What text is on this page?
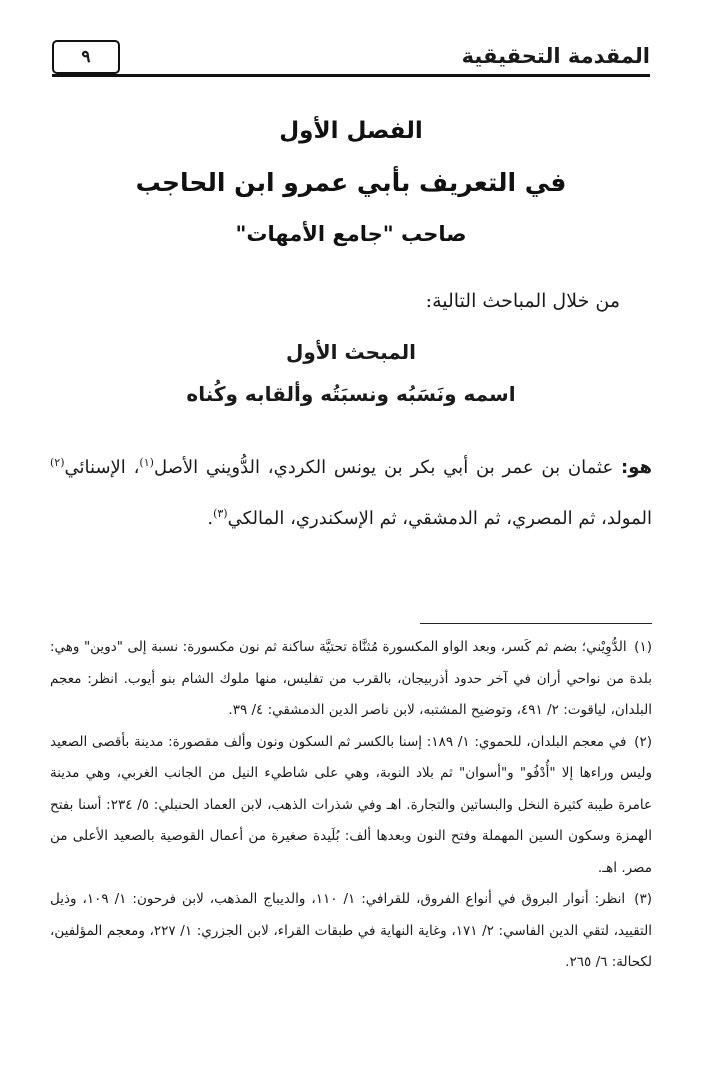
المقدمة التحقيقية
٩
الفصل الأول
في التعريف بأبي عمرو ابن الحاجب
صاحب "جامع الأمهات"
من خلال المباحث التالية:
المبحث الأول
اسمه ونَسَبُه ونسبَتُه وألقابه وكُناه
هو: عثمان بن عمر بن أبي بكر بن يونس الكردي، الدُّويني الأصل$^{(١)}$، الإسنائي$^{(٢)}$ المولد، ثم المصري، ثم الدمشقي، ثم الإسكندري، المالكي$^{(٣)}$.

(١) الدُّوِيْني؛ بضم ثم كَسر، وبعد الواو المكسورة مُثنَّاة تحتيَّة ساكنة ثم نون مكسورة: نسبة إلى "دوين" وهي: بلدة من نواحي أران في آخر حدود أذربيجان، بالقرب من تفليس، منها ملوك الشام بنو أيوب. انظر: معجم البلدان، لياقوت: ٢/ ٤٩١، وتوضيح المشتبه، لابن ناصر الدين الدمشقي: ٤/ ٣٩.

(٢) في معجم البلدان، للحموي: ١/ ١٨٩: إسنا بالكسر ثم السكون ونون وألف مقصورة: مدينة بأقصى الصعيد وليس وراءها إلا "أُدْفُو" و"أسوان" ثم بلاد النوبة، وهي على شاطيء النيل من الجانب الغربي، وهي مدينة عامرة طيبة كثيرة النخل والبساتين والتجارة. اهـ وفي شذرات الذهب، لابن العماد الحنبلي: ٥/ ٢٣٤: أسنا بفتح الهمزة وسكون السين المهملة وفتح النون وبعدها ألف: بُلَيدة صغيرة من أعمال القوصية بالصعيد الأعلى من مصر. اهـ.

(٣) انظر: أنوار البروق في أنواع الفروق، للقرافي: ١/ ١١٠، والديباج المذهب، لابن فرحون: ١/ ١٠٩، وذيل التقييد، لتقي الدين الفاسي: ٢/ ١٧١، وغاية النهاية في طبقات القراء، لابن الجزري: ١/ ٢٢٧، ومعجم المؤلفين، لكحالة: ٦/ ٢٦٥.
